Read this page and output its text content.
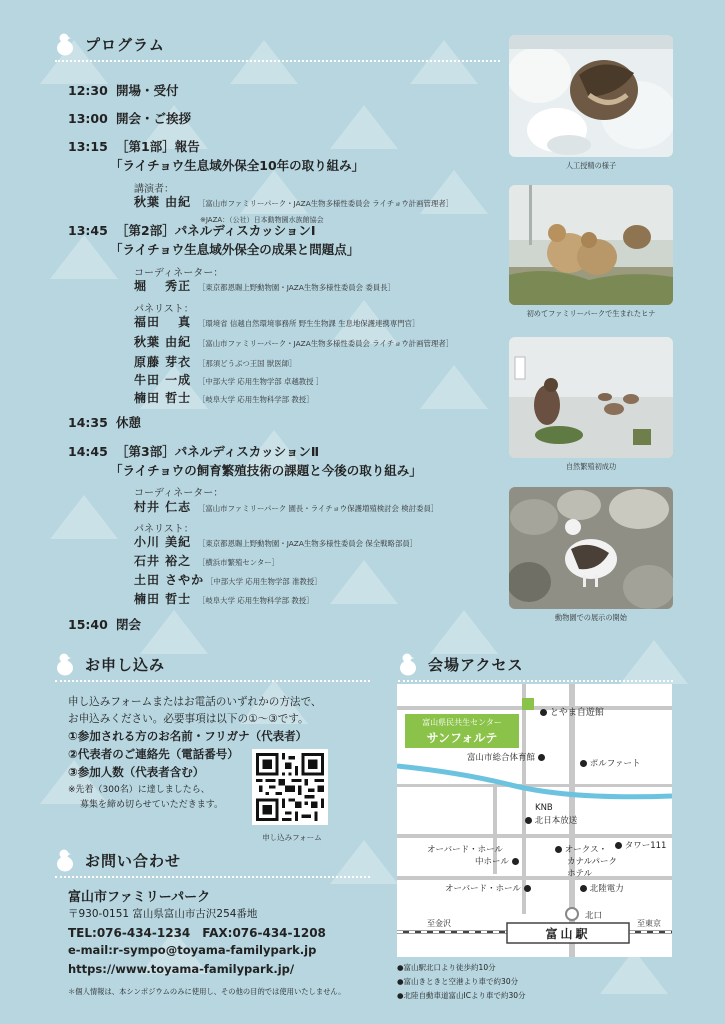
プログラム
12:30 開場・受付
13:00 開会・ご挨拶
13:15 ［第1部］報告
「ライチョウ生息域外保全10年の取り組み」
講演者：
秋葉 由紀 ［富山市ファミリーパーク・JAZA生物多様性委員会 ライチョウ計画管理者］
※JAZA：（公社）日本動物園水族館協会
13:45 ［第2部］パネルディスカッションⅠ
「ライチョウ生息域外保全の成果と問題点」
コーディネーター：
堀　 秀正 ［東京都恩賜上野動物園・JAZA生物多様性委員会 委員長］
パネリスト：
福田　 真 ［環境省 信越自然環境事務所 野生生物課 生息地保護連携専門官］
秋葉 由紀 ［富山市ファミリーパーク・JAZA生物多様性委員会 ライチョウ計画管理者］
原藤 芽衣 ［那須どうぶつ王国 獣医師］
牛田 一成 ［中部大学 応用生物学部 卓越教授 ］
楠田 哲士 ［岐阜大学 応用生物科学部 教授］
14:35 休憩
14:45 ［第3部］パネルディスカッションⅡ
「ライチョウの飼育繁殖技術の課題と今後の取り組み」
コーディネーター：
村井 仁志 ［富山市ファミリーパーク 園長・ライチョウ保護増殖検討会 検討委員］
パネリスト：
小川 美紀 ［東京都恩賜上野動物園・JAZA生物多様性委員会 保全戦略部員］
石井 裕之 ［横浜市繁殖センター］
土田 さやか ［中部大学 応用生物学部 准教授］
楠田 哲士 ［岐阜大学 応用生物科学部 教授］
15:40 閉会
人工授精の様子
初めてファミリーパークで生まれたヒナ
自然繁殖初成功
動物園での展示の開始
お申し込み
申し込みフォームまたはお電話のいずれかの方法で、
お申込みください。必要事項は以下の①～③です。
①参加される方のお名前・フリガナ（代表者）
②代表者のご連絡先（電話番号）
③参加人数（代表者含む）
※先着（300名）に達しましたら、
募集を締め切らせていただきます。
申し込みフォーム
お問い合わせ
富山市ファミリーパーク
〒930-0151 富山県富山市古沢254番地
TEL:076-434-1234　FAX:076-434-1208
e-mail:r-sympo@toyama-familypark.jp
https://www.toyama-familypark.jp/
＊個人情報は、本シンポジウムのみに使用し、その他の目的では使用いたしません。
会場アクセス
とやま自遊館
富山県民共生センター
サンフォルテ
富山市総合体育館
ポルファート
KNB
北日本放送
オーバード・ホール
中ホール
オークス・
カナルパーク
ホテル
タワー111
オーバード・ホール	北陸電力
北口
至金沢	至東京
富山駅
●富山駅北口より徒歩約10分
●富山きときと空港より車で約30分
●北陸自動車道富山ICより車で約30分
